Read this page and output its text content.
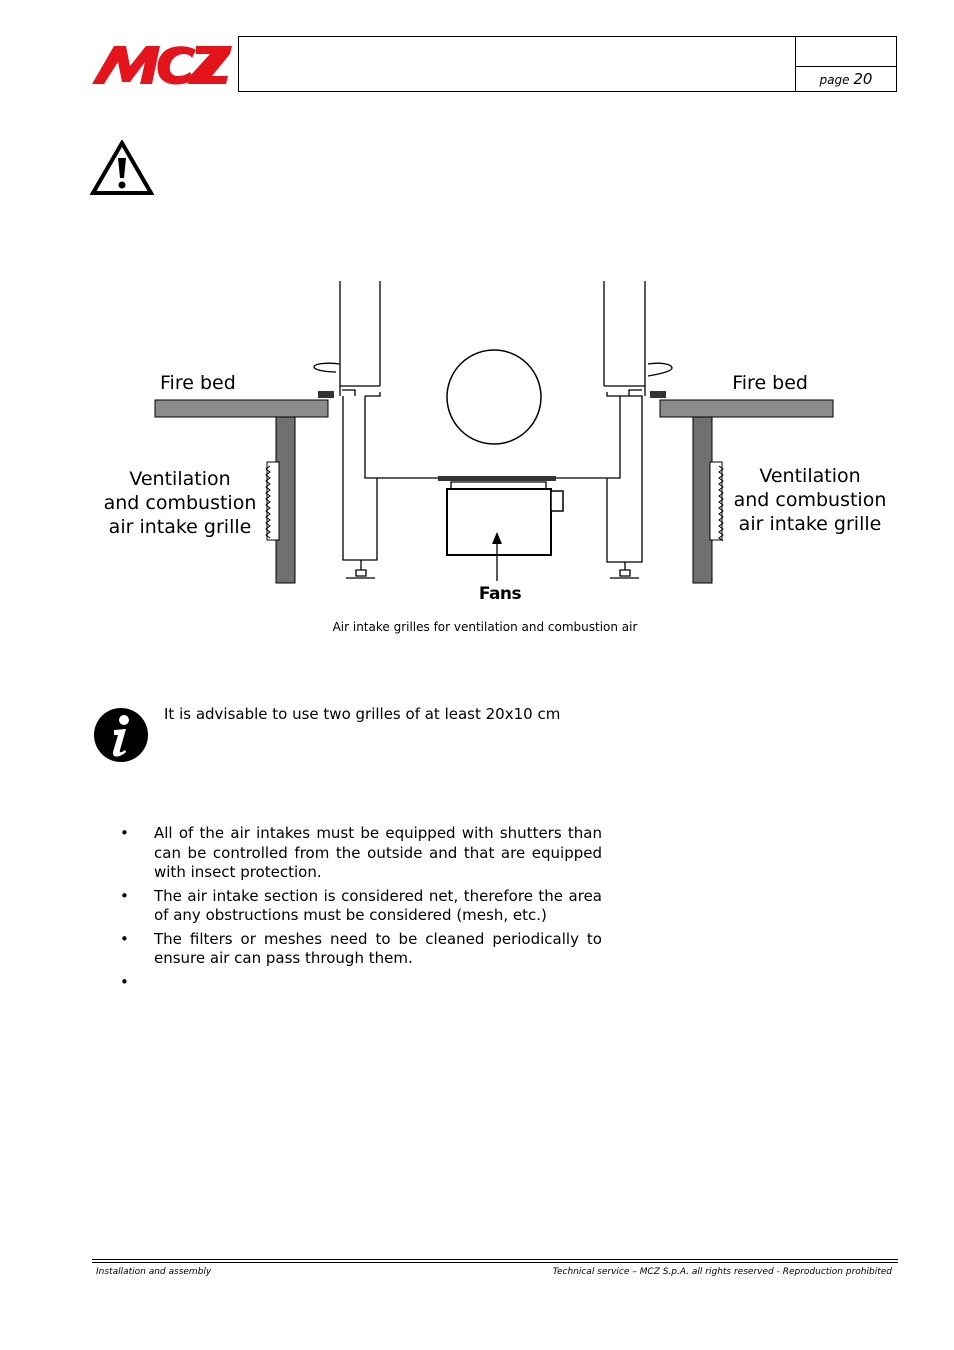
page 20
Fire bed	Fire bed
Ventilation
and combustion
air intake grille
Ventilation
and combustion
air intake grille
Fans
Air intake grilles for ventilation and combustion air
It is advisable to use two grilles of at least 20x10 cm
• All of the air intakes must be equipped with shutters than can be controlled from the outside and that are equipped with insect protection.
• The air intake section is considered net, therefore the area of any obstructions must be considered (mesh, etc.)
• The filters or meshes need to be cleaned periodically to ensure air can pass through them.
•
Installation and assembly	Technical service – MCZ S.p.A. all rights reserved - Reproduction prohibited
